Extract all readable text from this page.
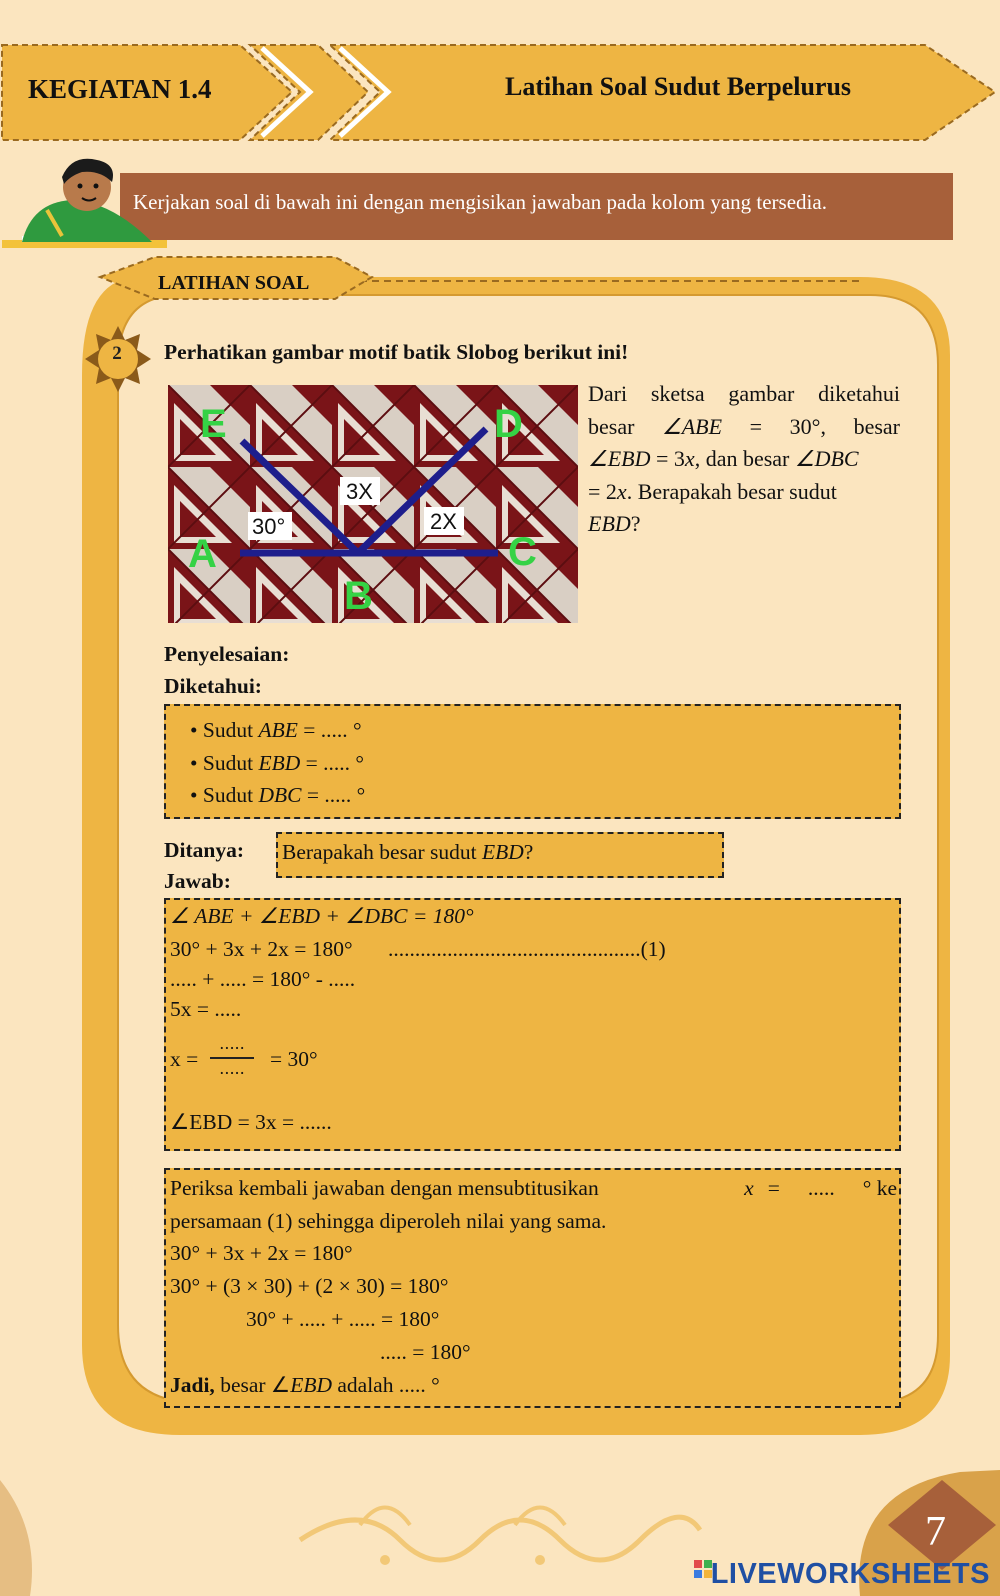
KEGIATAN 1.4	Latihan Soal Sudut Berpelurus
Kerjakan soal di bawah ini dengan mengisikan jawaban pada kolom yang tersedia.
LATIHAN SOAL
2 Perhatikan gambar motif batik Slobog berikut ini!
E	D
A
B
C
30°
3X
2X
Dari sketsa gambar diketahui
besar ∠ABE = 30°, besar
∠EBD = 3x, dan besar ∠DBC
= 2x. Berapakah besar sudut
EBD?
Penyelesaian:
Diketahui:
• Sudut ABE = ..... °
• Sudut EBD = ..... °
• Sudut DBC = ..... °
Ditanya: Berapakah besar sudut EBD?
Jawab:
∠ ABE + ∠EBD + ∠DBC = 180°
30° + 3x + 2x = 180° ...............................................(1)
..... + ..... = 180° - .....
5x = .....
x =
.....
.....	= 30°
∠EBD = 3x = ......
Periksa kembali jawaban dengan mensubtitusikan	x = ..... ° ke
persamaan (1) sehingga diperoleh nilai yang sama.
30° + 3x + 2x = 180°
30° + (3 × 30) + (2 × 30) = 180°
30° + ..... + ..... = 180°
..... = 180°
Jadi, besar ∠EBD adalah ..... °
7
LIVEWORKSHEETS
